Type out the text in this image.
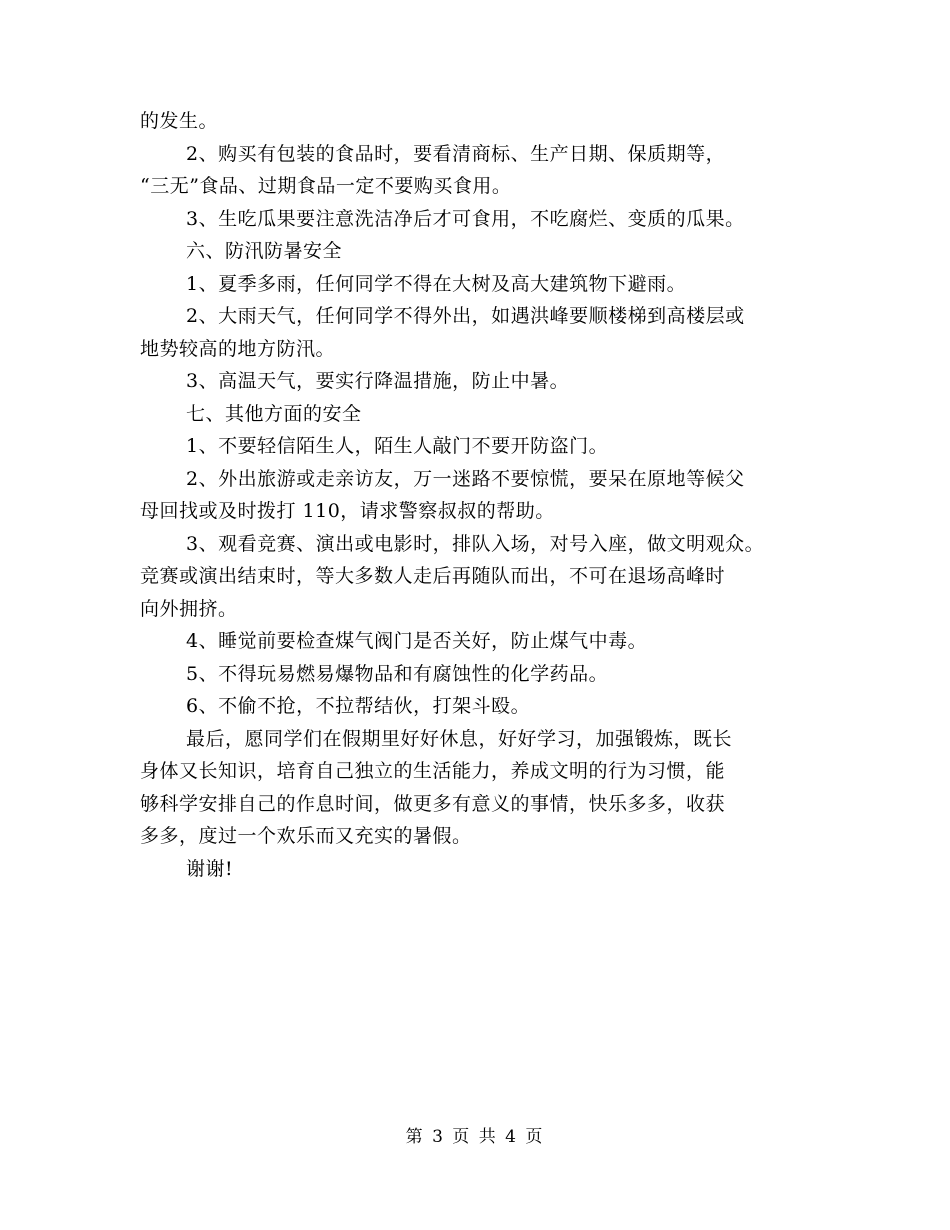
的发生。
2、购买有包装的食品时，要看清商标、生产日期、保质期等，
“三无”食品、过期食品一定不要购买食用。
3、生吃瓜果要注意洗洁净后才可食用，不吃腐烂、变质的瓜果。
六、防汛防暑安全
1、夏季多雨，任何同学不得在大树及高大建筑物下避雨。
2、大雨天气，任何同学不得外出，如遇洪峰要顺楼梯到高楼层或
地势较高的地方防汛。
3、高温天气，要实行降温措施，防止中暑。
七、其他方面的安全
1、不要轻信陌生人，陌生人敲门不要开防盗门。
2、外出旅游或走亲访友，万一迷路不要惊慌，要呆在原地等候父
母回找或及时拨打 110，请求警察叔叔的帮助。
3、观看竞赛、演出或电影时，排队入场，对号入座，做文明观众。
竞赛或演出结束时，等大多数人走后再随队而出，不可在退场高峰时
向外拥挤。
4、睡觉前要检查煤气阀门是否关好，防止煤气中毒。
5、不得玩易燃易爆物品和有腐蚀性的化学药品。
6、不偷不抢，不拉帮结伙，打架斗殴。
最后，愿同学们在假期里好好休息，好好学习，加强锻炼，既长
身体又长知识，培育自己独立的生活能力，养成文明的行为习惯，能
够科学安排自己的作息时间，做更多有意义的事情，快乐多多，收获
多多，度过一个欢乐而又充实的暑假。
谢谢!
第 3 页 共 4 页
